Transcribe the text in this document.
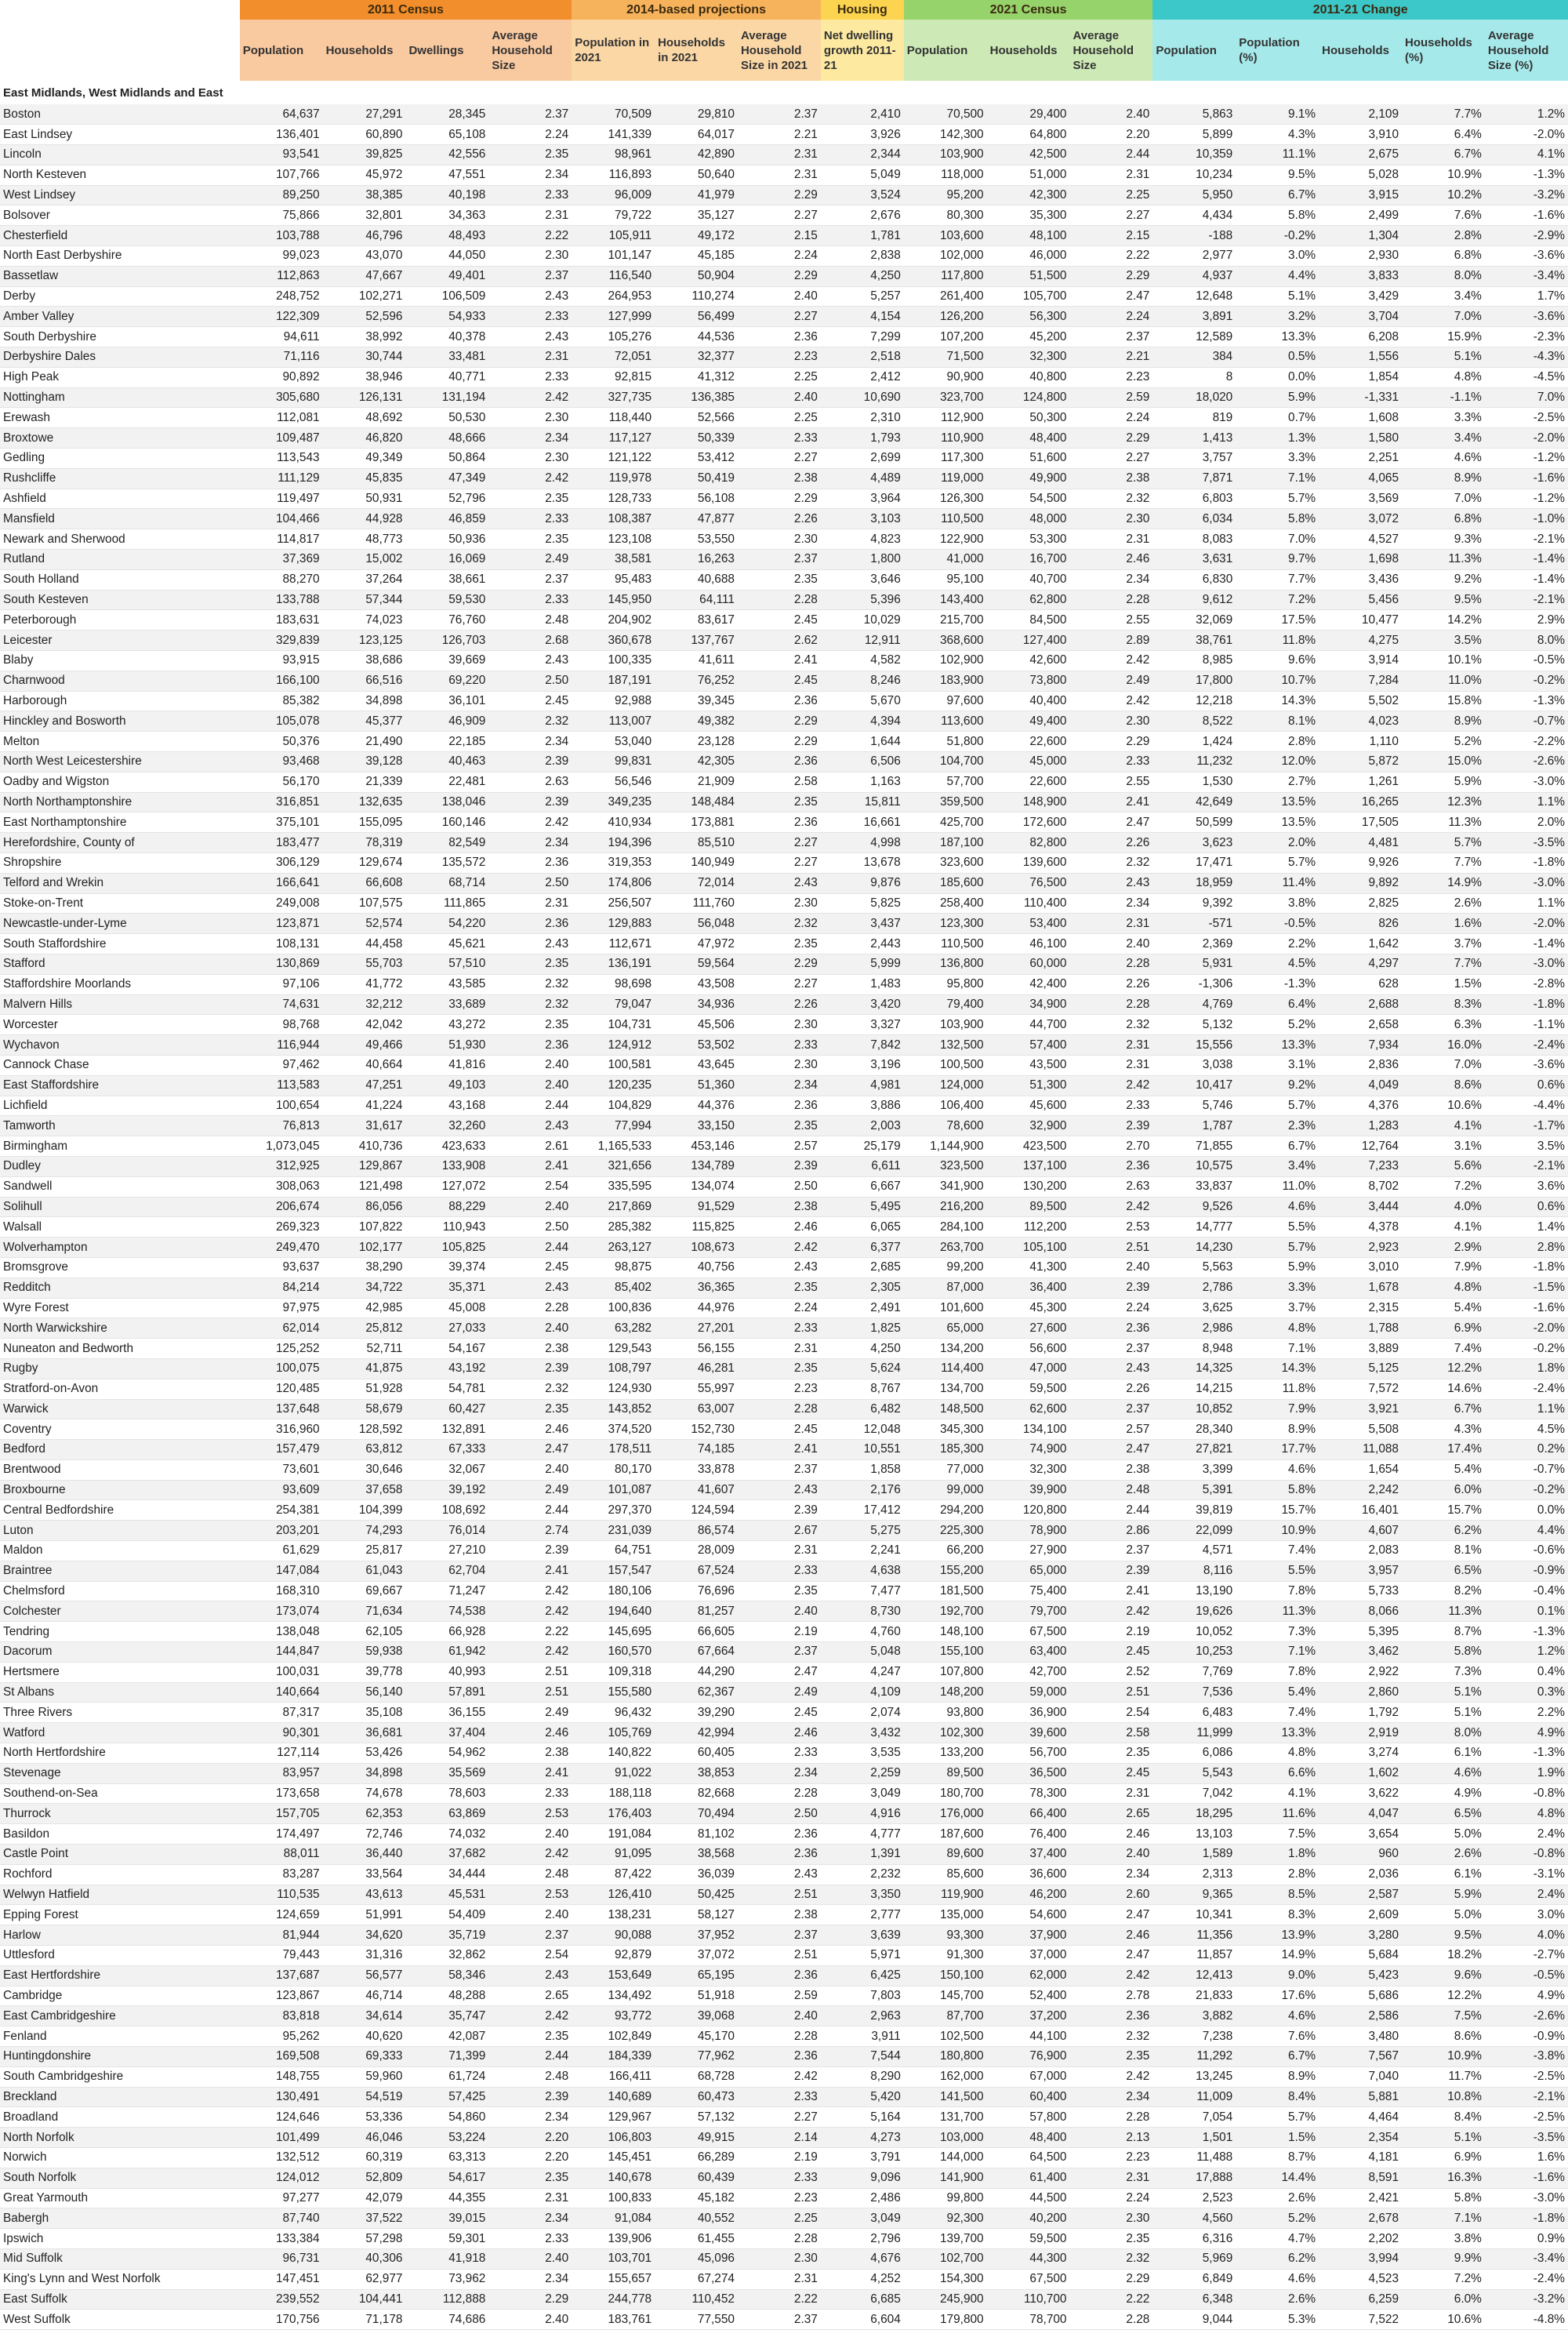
	2011 Census				2014-based projections			Housing	2021 Census			2011-21 Change				
	Population	Households	Dwellings	Average Household Size	Population in 2021	Households in 2021	Average Household Size in 2021	Net dwelling growth 2011-21	Population	Households	Average Household Size	Population	Population (%)	Households	Households (%)	Average Household Size (%)
East Midlands, West Midlands and East																
Boston	64,637	27,291	28,345	2.37	70,509	29,810	2.37	2,410	70,500	29,400	2.40	5,863	9.1%	2,109	7.7%	1.2%
East Lindsey	136,401	60,890	65,108	2.24	141,339	64,017	2.21	3,926	142,300	64,800	2.20	5,899	4.3%	3,910	6.4%	-2.0%
Lincoln	93,541	39,825	42,556	2.35	98,961	42,890	2.31	2,344	103,900	42,500	2.44	10,359	11.1%	2,675	6.7%	4.1%
North Kesteven	107,766	45,972	47,551	2.34	116,893	50,640	2.31	5,049	118,000	51,000	2.31	10,234	9.5%	5,028	10.9%	-1.3%
West Lindsey	89,250	38,385	40,198	2.33	96,009	41,979	2.29	3,524	95,200	42,300	2.25	5,950	6.7%	3,915	10.2%	-3.2%
Bolsover	75,866	32,801	34,363	2.31	79,722	35,127	2.27	2,676	80,300	35,300	2.27	4,434	5.8%	2,499	7.6%	-1.6%
Chesterfield	103,788	46,796	48,493	2.22	105,911	49,172	2.15	1,781	103,600	48,100	2.15	-188	-0.2%	1,304	2.8%	-2.9%
North East Derbyshire	99,023	43,070	44,050	2.30	101,147	45,185	2.24	2,838	102,000	46,000	2.22	2,977	3.0%	2,930	6.8%	-3.6%
Bassetlaw	112,863	47,667	49,401	2.37	116,540	50,904	2.29	4,250	117,800	51,500	2.29	4,937	4.4%	3,833	8.0%	-3.4%
Derby	248,752	102,271	106,509	2.43	264,953	110,274	2.40	5,257	261,400	105,700	2.47	12,648	5.1%	3,429	3.4%	1.7%
Amber Valley	122,309	52,596	54,933	2.33	127,999	56,499	2.27	4,154	126,200	56,300	2.24	3,891	3.2%	3,704	7.0%	-3.6%
South Derbyshire	94,611	38,992	40,378	2.43	105,276	44,536	2.36	7,299	107,200	45,200	2.37	12,589	13.3%	6,208	15.9%	-2.3%
Derbyshire Dales	71,116	30,744	33,481	2.31	72,051	32,377	2.23	2,518	71,500	32,300	2.21	384	0.5%	1,556	5.1%	-4.3%
High Peak	90,892	38,946	40,771	2.33	92,815	41,312	2.25	2,412	90,900	40,800	2.23	8	0.0%	1,854	4.8%	-4.5%
Nottingham	305,680	126,131	131,194	2.42	327,735	136,385	2.40	10,690	323,700	124,800	2.59	18,020	5.9%	-1,331	-1.1%	7.0%
Erewash	112,081	48,692	50,530	2.30	118,440	52,566	2.25	2,310	112,900	50,300	2.24	819	0.7%	1,608	3.3%	-2.5%
Broxtowe	109,487	46,820	48,666	2.34	117,127	50,339	2.33	1,793	110,900	48,400	2.29	1,413	1.3%	1,580	3.4%	-2.0%
Gedling	113,543	49,349	50,864	2.30	121,122	53,412	2.27	2,699	117,300	51,600	2.27	3,757	3.3%	2,251	4.6%	-1.2%
Rushcliffe	111,129	45,835	47,349	2.42	119,978	50,419	2.38	4,489	119,000	49,900	2.38	7,871	7.1%	4,065	8.9%	-1.6%
Ashfield	119,497	50,931	52,796	2.35	128,733	56,108	2.29	3,964	126,300	54,500	2.32	6,803	5.7%	3,569	7.0%	-1.2%
Mansfield	104,466	44,928	46,859	2.33	108,387	47,877	2.26	3,103	110,500	48,000	2.30	6,034	5.8%	3,072	6.8%	-1.0%
Newark and Sherwood	114,817	48,773	50,936	2.35	123,108	53,550	2.30	4,823	122,900	53,300	2.31	8,083	7.0%	4,527	9.3%	-2.1%
Rutland	37,369	15,002	16,069	2.49	38,581	16,263	2.37	1,800	41,000	16,700	2.46	3,631	9.7%	1,698	11.3%	-1.4%
South Holland	88,270	37,264	38,661	2.37	95,483	40,688	2.35	3,646	95,100	40,700	2.34	6,830	7.7%	3,436	9.2%	-1.4%
South Kesteven	133,788	57,344	59,530	2.33	145,950	64,111	2.28	5,396	143,400	62,800	2.28	9,612	7.2%	5,456	9.5%	-2.1%
Peterborough	183,631	74,023	76,760	2.48	204,902	83,617	2.45	10,029	215,700	84,500	2.55	32,069	17.5%	10,477	14.2%	2.9%
Leicester	329,839	123,125	126,703	2.68	360,678	137,767	2.62	12,911	368,600	127,400	2.89	38,761	11.8%	4,275	3.5%	8.0%
Blaby	93,915	38,686	39,669	2.43	100,335	41,611	2.41	4,582	102,900	42,600	2.42	8,985	9.6%	3,914	10.1%	-0.5%
Charnwood	166,100	66,516	69,220	2.50	187,191	76,252	2.45	8,246	183,900	73,800	2.49	17,800	10.7%	7,284	11.0%	-0.2%
Harborough	85,382	34,898	36,101	2.45	92,988	39,345	2.36	5,670	97,600	40,400	2.42	12,218	14.3%	5,502	15.8%	-1.3%
Hinckley and Bosworth	105,078	45,377	46,909	2.32	113,007	49,382	2.29	4,394	113,600	49,400	2.30	8,522	8.1%	4,023	8.9%	-0.7%
Melton	50,376	21,490	22,185	2.34	53,040	23,128	2.29	1,644	51,800	22,600	2.29	1,424	2.8%	1,110	5.2%	-2.2%
North West Leicestershire	93,468	39,128	40,463	2.39	99,831	42,305	2.36	6,506	104,700	45,000	2.33	11,232	12.0%	5,872	15.0%	-2.6%
Oadby and Wigston	56,170	21,339	22,481	2.63	56,546	21,909	2.58	1,163	57,700	22,600	2.55	1,530	2.7%	1,261	5.9%	-3.0%
North Northamptonshire	316,851	132,635	138,046	2.39	349,235	148,484	2.35	15,811	359,500	148,900	2.41	42,649	13.5%	16,265	12.3%	1.1%
East Northamptonshire	375,101	155,095	160,146	2.42	410,934	173,881	2.36	16,661	425,700	172,600	2.47	50,599	13.5%	17,505	11.3%	2.0%
Herefordshire, County of	183,477	78,319	82,549	2.34	194,396	85,510	2.27	4,998	187,100	82,800	2.26	3,623	2.0%	4,481	5.7%	-3.5%
Shropshire	306,129	129,674	135,572	2.36	319,353	140,949	2.27	13,678	323,600	139,600	2.32	17,471	5.7%	9,926	7.7%	-1.8%
Telford and Wrekin	166,641	66,608	68,714	2.50	174,806	72,014	2.43	9,876	185,600	76,500	2.43	18,959	11.4%	9,892	14.9%	-3.0%
Stoke-on-Trent	249,008	107,575	111,865	2.31	256,507	111,760	2.30	5,825	258,400	110,400	2.34	9,392	3.8%	2,825	2.6%	1.1%
Newcastle-under-Lyme	123,871	52,574	54,220	2.36	129,883	56,048	2.32	3,437	123,300	53,400	2.31	-571	-0.5%	826	1.6%	-2.0%
South Staffordshire	108,131	44,458	45,621	2.43	112,671	47,972	2.35	2,443	110,500	46,100	2.40	2,369	2.2%	1,642	3.7%	-1.4%
Stafford	130,869	55,703	57,510	2.35	136,191	59,564	2.29	5,999	136,800	60,000	2.28	5,931	4.5%	4,297	7.7%	-3.0%
Staffordshire Moorlands	97,106	41,772	43,585	2.32	98,698	43,508	2.27	1,483	95,800	42,400	2.26	-1,306	-1.3%	628	1.5%	-2.8%
Malvern Hills	74,631	32,212	33,689	2.32	79,047	34,936	2.26	3,420	79,400	34,900	2.28	4,769	6.4%	2,688	8.3%	-1.8%
Worcester	98,768	42,042	43,272	2.35	104,731	45,506	2.30	3,327	103,900	44,700	2.32	5,132	5.2%	2,658	6.3%	-1.1%
Wychavon	116,944	49,466	51,930	2.36	124,912	53,502	2.33	7,842	132,500	57,400	2.31	15,556	13.3%	7,934	16.0%	-2.4%
Cannock Chase	97,462	40,664	41,816	2.40	100,581	43,645	2.30	3,196	100,500	43,500	2.31	3,038	3.1%	2,836	7.0%	-3.6%
East Staffordshire	113,583	47,251	49,103	2.40	120,235	51,360	2.34	4,981	124,000	51,300	2.42	10,417	9.2%	4,049	8.6%	0.6%
Lichfield	100,654	41,224	43,168	2.44	104,829	44,376	2.36	3,886	106,400	45,600	2.33	5,746	5.7%	4,376	10.6%	-4.4%
Tamworth	76,813	31,617	32,260	2.43	77,994	33,150	2.35	2,003	78,600	32,900	2.39	1,787	2.3%	1,283	4.1%	-1.7%
Birmingham	1,073,045	410,736	423,633	2.61	1,165,533	453,146	2.57	25,179	1,144,900	423,500	2.70	71,855	6.7%	12,764	3.1%	3.5%
Dudley	312,925	129,867	133,908	2.41	321,656	134,789	2.39	6,611	323,500	137,100	2.36	10,575	3.4%	7,233	5.6%	-2.1%
Sandwell	308,063	121,498	127,072	2.54	335,595	134,074	2.50	6,667	341,900	130,200	2.63	33,837	11.0%	8,702	7.2%	3.6%
Solihull	206,674	86,056	88,229	2.40	217,869	91,529	2.38	5,495	216,200	89,500	2.42	9,526	4.6%	3,444	4.0%	0.6%
Walsall	269,323	107,822	110,943	2.50	285,382	115,825	2.46	6,065	284,100	112,200	2.53	14,777	5.5%	4,378	4.1%	1.4%
Wolverhampton	249,470	102,177	105,825	2.44	263,127	108,673	2.42	6,377	263,700	105,100	2.51	14,230	5.7%	2,923	2.9%	2.8%
Bromsgrove	93,637	38,290	39,374	2.45	98,875	40,756	2.43	2,685	99,200	41,300	2.40	5,563	5.9%	3,010	7.9%	-1.8%
Redditch	84,214	34,722	35,371	2.43	85,402	36,365	2.35	2,305	87,000	36,400	2.39	2,786	3.3%	1,678	4.8%	-1.5%
Wyre Forest	97,975	42,985	45,008	2.28	100,836	44,976	2.24	2,491	101,600	45,300	2.24	3,625	3.7%	2,315	5.4%	-1.6%
North Warwickshire	62,014	25,812	27,033	2.40	63,282	27,201	2.33	1,825	65,000	27,600	2.36	2,986	4.8%	1,788	6.9%	-2.0%
Nuneaton and Bedworth	125,252	52,711	54,167	2.38	129,543	56,155	2.31	4,250	134,200	56,600	2.37	8,948	7.1%	3,889	7.4%	-0.2%
Rugby	100,075	41,875	43,192	2.39	108,797	46,281	2.35	5,624	114,400	47,000	2.43	14,325	14.3%	5,125	12.2%	1.8%
Stratford-on-Avon	120,485	51,928	54,781	2.32	124,930	55,997	2.23	8,767	134,700	59,500	2.26	14,215	11.8%	7,572	14.6%	-2.4%
Warwick	137,648	58,679	60,427	2.35	143,852	63,007	2.28	6,482	148,500	62,600	2.37	10,852	7.9%	3,921	6.7%	1.1%
Coventry	316,960	128,592	132,891	2.46	374,520	152,730	2.45	12,048	345,300	134,100	2.57	28,340	8.9%	5,508	4.3%	4.5%
Bedford	157,479	63,812	67,333	2.47	178,511	74,185	2.41	10,551	185,300	74,900	2.47	27,821	17.7%	11,088	17.4%	0.2%
Brentwood	73,601	30,646	32,067	2.40	80,170	33,878	2.37	1,858	77,000	32,300	2.38	3,399	4.6%	1,654	5.4%	-0.7%
Broxbourne	93,609	37,658	39,192	2.49	101,087	41,607	2.43	2,176	99,000	39,900	2.48	5,391	5.8%	2,242	6.0%	-0.2%
Central Bedfordshire	254,381	104,399	108,692	2.44	297,370	124,594	2.39	17,412	294,200	120,800	2.44	39,819	15.7%	16,401	15.7%	0.0%
Luton	203,201	74,293	76,014	2.74	231,039	86,574	2.67	5,275	225,300	78,900	2.86	22,099	10.9%	4,607	6.2%	4.4%
Maldon	61,629	25,817	27,210	2.39	64,751	28,009	2.31	2,241	66,200	27,900	2.37	4,571	7.4%	2,083	8.1%	-0.6%
Braintree	147,084	61,043	62,704	2.41	157,547	67,524	2.33	4,638	155,200	65,000	2.39	8,116	5.5%	3,957	6.5%	-0.9%
Chelmsford	168,310	69,667	71,247	2.42	180,106	76,696	2.35	7,477	181,500	75,400	2.41	13,190	7.8%	5,733	8.2%	-0.4%
Colchester	173,074	71,634	74,538	2.42	194,640	81,257	2.40	8,730	192,700	79,700	2.42	19,626	11.3%	8,066	11.3%	0.1%
Tendring	138,048	62,105	66,928	2.22	145,695	66,605	2.19	4,760	148,100	67,500	2.19	10,052	7.3%	5,395	8.7%	-1.3%
Dacorum	144,847	59,938	61,942	2.42	160,570	67,664	2.37	5,048	155,100	63,400	2.45	10,253	7.1%	3,462	5.8%	1.2%
Hertsmere	100,031	39,778	40,993	2.51	109,318	44,290	2.47	4,247	107,800	42,700	2.52	7,769	7.8%	2,922	7.3%	0.4%
St Albans	140,664	56,140	57,891	2.51	155,580	62,367	2.49	4,109	148,200	59,000	2.51	7,536	5.4%	2,860	5.1%	0.3%
Three Rivers	87,317	35,108	36,155	2.49	96,432	39,290	2.45	2,074	93,800	36,900	2.54	6,483	7.4%	1,792	5.1%	2.2%
Watford	90,301	36,681	37,404	2.46	105,769	42,994	2.46	3,432	102,300	39,600	2.58	11,999	13.3%	2,919	8.0%	4.9%
North Hertfordshire	127,114	53,426	54,962	2.38	140,822	60,405	2.33	3,535	133,200	56,700	2.35	6,086	4.8%	3,274	6.1%	-1.3%
Stevenage	83,957	34,898	35,569	2.41	91,022	38,853	2.34	2,259	89,500	36,500	2.45	5,543	6.6%	1,602	4.6%	1.9%
Southend-on-Sea	173,658	74,678	78,603	2.33	188,118	82,668	2.28	3,049	180,700	78,300	2.31	7,042	4.1%	3,622	4.9%	-0.8%
Thurrock	157,705	62,353	63,869	2.53	176,403	70,494	2.50	4,916	176,000	66,400	2.65	18,295	11.6%	4,047	6.5%	4.8%
Basildon	174,497	72,746	74,032	2.40	191,084	81,102	2.36	4,777	187,600	76,400	2.46	13,103	7.5%	3,654	5.0%	2.4%
Castle Point	88,011	36,440	37,682	2.42	91,095	38,568	2.36	1,391	89,600	37,400	2.40	1,589	1.8%	960	2.6%	-0.8%
Rochford	83,287	33,564	34,444	2.48	87,422	36,039	2.43	2,232	85,600	36,600	2.34	2,313	2.8%	2,036	6.1%	-3.1%
Welwyn Hatfield	110,535	43,613	45,531	2.53	126,410	50,425	2.51	3,350	119,900	46,200	2.60	9,365	8.5%	2,587	5.9%	2.4%
Epping Forest	124,659	51,991	54,409	2.40	138,231	58,127	2.38	2,777	135,000	54,600	2.47	10,341	8.3%	2,609	5.0%	3.0%
Harlow	81,944	34,620	35,719	2.37	90,088	37,952	2.37	3,639	93,300	37,900	2.46	11,356	13.9%	3,280	9.5%	4.0%
Uttlesford	79,443	31,316	32,862	2.54	92,879	37,072	2.51	5,971	91,300	37,000	2.47	11,857	14.9%	5,684	18.2%	-2.7%
East Hertfordshire	137,687	56,577	58,346	2.43	153,649	65,195	2.36	6,425	150,100	62,000	2.42	12,413	9.0%	5,423	9.6%	-0.5%
Cambridge	123,867	46,714	48,288	2.65	134,492	51,918	2.59	7,803	145,700	52,400	2.78	21,833	17.6%	5,686	12.2%	4.9%
East Cambridgeshire	83,818	34,614	35,747	2.42	93,772	39,068	2.40	2,963	87,700	37,200	2.36	3,882	4.6%	2,586	7.5%	-2.6%
Fenland	95,262	40,620	42,087	2.35	102,849	45,170	2.28	3,911	102,500	44,100	2.32	7,238	7.6%	3,480	8.6%	-0.9%
Huntingdonshire	169,508	69,333	71,399	2.44	184,339	77,962	2.36	7,544	180,800	76,900	2.35	11,292	6.7%	7,567	10.9%	-3.8%
South Cambridgeshire	148,755	59,960	61,724	2.48	166,411	68,728	2.42	8,290	162,000	67,000	2.42	13,245	8.9%	7,040	11.7%	-2.5%
Breckland	130,491	54,519	57,425	2.39	140,689	60,473	2.33	5,420	141,500	60,400	2.34	11,009	8.4%	5,881	10.8%	-2.1%
Broadland	124,646	53,336	54,860	2.34	129,967	57,132	2.27	5,164	131,700	57,800	2.28	7,054	5.7%	4,464	8.4%	-2.5%
North Norfolk	101,499	46,046	53,224	2.20	106,803	49,915	2.14	4,273	103,000	48,400	2.13	1,501	1.5%	2,354	5.1%	-3.5%
Norwich	132,512	60,319	63,313	2.20	145,451	66,289	2.19	3,791	144,000	64,500	2.23	11,488	8.7%	4,181	6.9%	1.6%
South Norfolk	124,012	52,809	54,617	2.35	140,678	60,439	2.33	9,096	141,900	61,400	2.31	17,888	14.4%	8,591	16.3%	-1.6%
Great Yarmouth	97,277	42,079	44,355	2.31	100,833	45,182	2.23	2,486	99,800	44,500	2.24	2,523	2.6%	2,421	5.8%	-3.0%
Babergh	87,740	37,522	39,015	2.34	91,084	40,552	2.25	3,049	92,300	40,200	2.30	4,560	5.2%	2,678	7.1%	-1.8%
Ipswich	133,384	57,298	59,301	2.33	139,906	61,455	2.28	2,796	139,700	59,500	2.35	6,316	4.7%	2,202	3.8%	0.9%
Mid Suffolk	96,731	40,306	41,918	2.40	103,701	45,096	2.30	4,676	102,700	44,300	2.32	5,969	6.2%	3,994	9.9%	-3.4%
King's Lynn and West Norfolk	147,451	62,977	73,962	2.34	155,657	67,274	2.31	4,252	154,300	67,500	2.29	6,849	4.6%	4,523	7.2%	-2.4%
East Suffolk	239,552	104,441	112,888	2.29	244,778	110,452	2.22	6,685	245,900	110,700	2.22	6,348	2.6%	6,259	6.0%	-3.2%
West Suffolk	170,756	71,178	74,686	2.40	183,761	77,550	2.37	6,604	179,800	78,700	2.28	9,044	5.3%	7,522	10.6%	-4.8%
